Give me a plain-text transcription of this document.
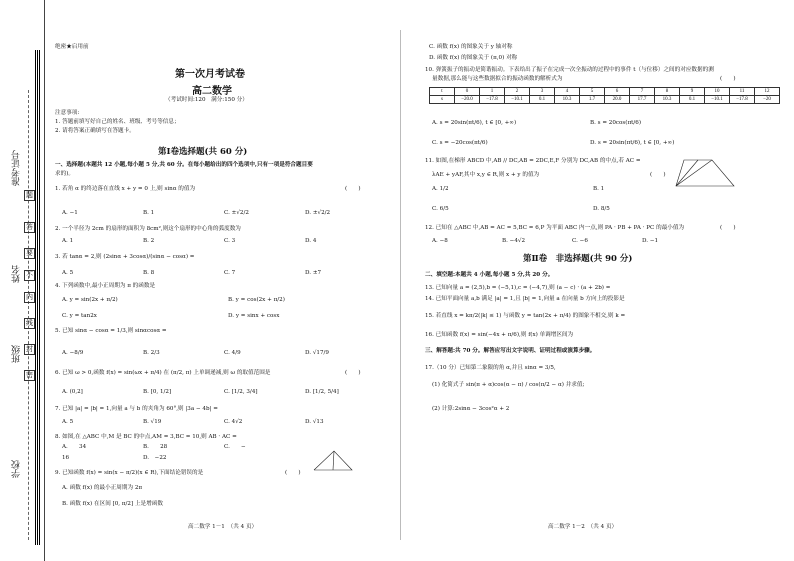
准考证号
姓名
班级
学校
题
答
要
不
内
线
封
密
绝密★启用前
第一次月考试卷
高二数学
（考试时间:120　满分:150 分）
注意事项:
1. 答题前填写好自己的姓名、班级、考号等信息；
2. 请将答案正确填写在答题卡。
第Ⅰ卷选择题(共 60 分)
一、选择题(本题共 12 小题,每小题 5 分,共 60 分。在每小题给出的四个选项中,只有一项是符合题目要
求的)。
1. 若角 α 的终边落在直线 x + y = 0 上,则 sinα 的值为	(　　)
A. −1	B. 1	C. ±√2/2	D. ±√2/2
2. 一个半径为 2cm 的扇形的面积为 8cm²,则这个扇形的中心角的弧度数为
A. 1	B. 2	C. 3	D. 4
3. 若 tanα = 2,则 (2sinα + 3cosα)/(sinα − cosα) =
A. 5	B. 8	C. 7	D. ±7
4. 下列函数中,最小正周期为 π 的函数是
A. y = sin(2x + π/2)	B. y = cos(2x + π/2)
C. y = tan2x	D. y = sinx + cosx
5. 已知 sinα − cosα = 1/3,则 sinαcosα =
A. −8/9	B. 2/3	C. 4/9	D. √17/9
6. 已知 ω > 0,函数 f(x) = sin(ωx + π/4) 在 (π/2, π) 上单调递减,则 ω 的取值范围是	(　　)
A. (0,2]	B. [0, 1/2]	C. [1/2, 3/4]	D. [1/2, 5/4]
7. 已知 |a| = |b| = 1,向量 a 与 b 的夹角为 60°,则 |3a − 4b| =
A. 5	B. √19	C. 4√2	D. √13
8. 如图,在 △ABC 中,M 是 BC 的中点,AM = 3,BC = 10,则 AB · AC =
A.　　34	B.　　28	C.　　−
16	D.　−22
9. 已知函数 f(x) = sin(x − π/2)(x ∈ R),下面结论错误的是	(　　)
A. 函数 f(x) 的最小正周期为 2π
B. 函数 f(x) 在区间 [0, π/2] 上是增函数
高二数学 1－1　（共 4 页）
C. 函数 f(x) 的图象关于 y 轴对称
D. 函数 f(x) 的图象关于 (π,0) 对称
10. 弹簧振子的振动是简谐振动。下表给出了振子在完成一次全振动的过程中的事件 t（与位移）之间的对应数据的测
量数据,那么能与这些数据拟合的振动函数的解析式为	(　　)
t	0	1	2	3	4	5	6	7	8	9	10	11	12
s	−20.0	−17.8	−10.1	0.1	10.3	1.7	20.0	17.7	10.3	0.1	−10.1	−17.8	−20
A. s = 20sin(πt/6), t ∈ [0, +∞)	B. s = 20cos(πt/6)
C. s = −20cos(πt/6)	D. s = 20sin(πt/6), t ∈ [0, +∞)
11. 如图,在梯形 ABCD 中,AB // DC,AB = 2DC,E,F 分别为 DC,AB 的中点,若 AC =
(　　)
λAE + yAF,其中 x,y ∈ R,则 x + y 的值为
A. 1/2	B. 1
C. 6/5	D. 8/5
12. 已知在 △ABC 中,AB = AC = 5,BC = 6,P 为平面 ABC 内一点,则 PA · PB + PA · PC 的最小值为	(　　)
A. −8	B. −4√2	C. −6	D. −1
第Ⅱ卷　非选择题(共 90 分)
二、填空题:本题共 4 小题,每小题 5 分,共 20 分。
13. 已知向量 a = (2,5),b = (−5,1),c = (−4,7),则 (a − c) · (a + 2b) =
14. 已知平面向量 a,b 满足 |a| = 1,且 |b| = 1,向量 a 在向量 b 方向上的投影是
15. 若直线 x = kπ/2(|k| ≤ 1) 与函数 y = tan(2x + π/4) 的图象不相交,则 k =
16. 已知函数 f(x) = sin(−4x + π/6),则 f(x) 单调增区间为
三、解答题:共 70 分。解答应写出文字说明、证明过程或演算步骤。
17.（10 分）已知第二象限的角 α,并且 sinα = 3/5,
(1) 化简式子 sin(π + α)cos(α − π) / cos(π/2 − α) 并求值;
(2) 计算:2sinα − 3cos²α + 2
高二数学 1－2　（共 4 页）
